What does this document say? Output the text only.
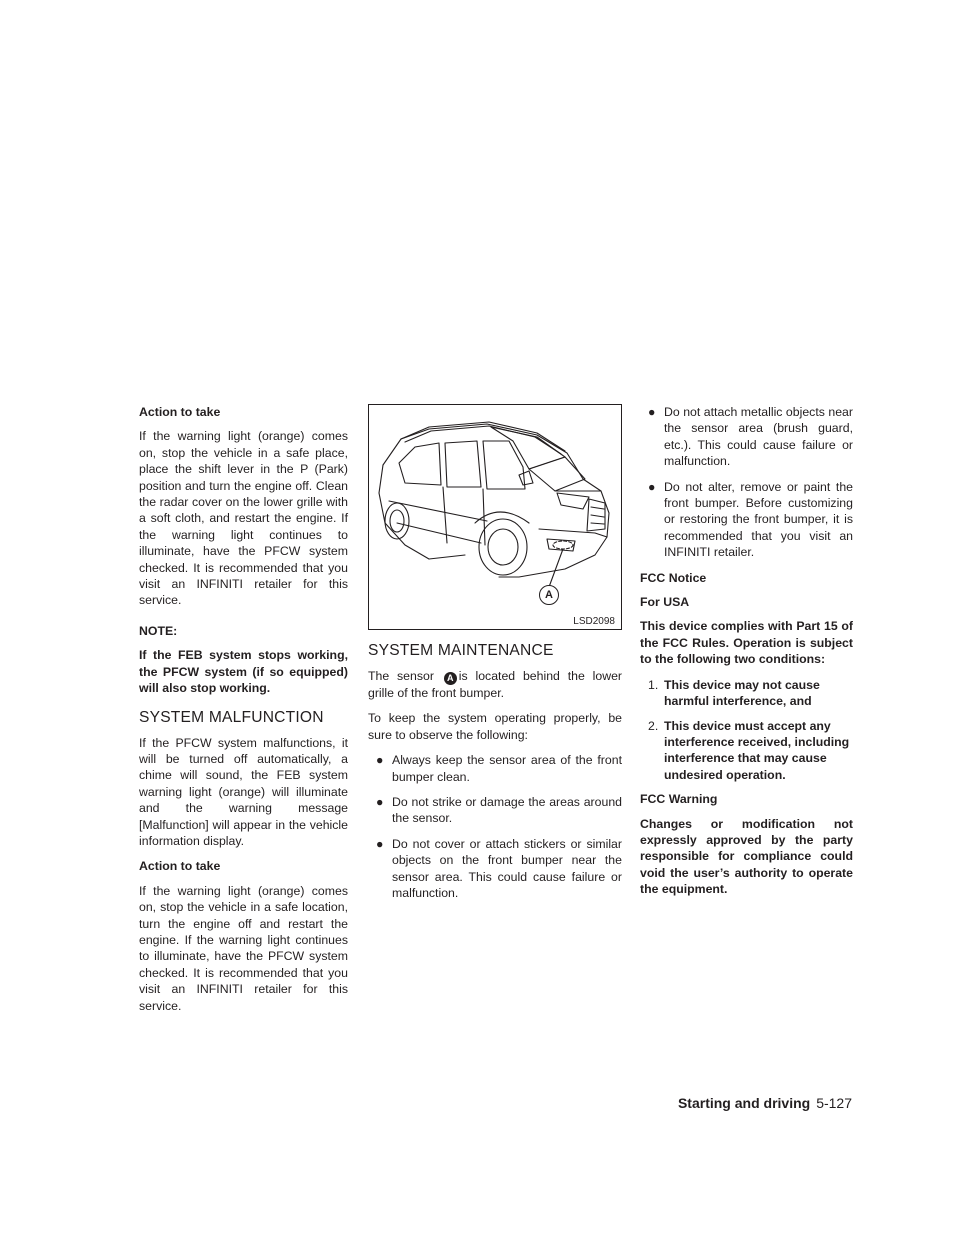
Action to take

If the warning light (orange) comes on, stop the vehicle in a safe place, place the shift lever in the P (Park) position and turn the engine off. Clean the radar cover on the lower grille with a soft cloth, and restart the engine. If the warning light continues to illuminate, have the PFCW system checked. It is recommended that you visit an INFINITI retailer for this service.

NOTE:

If the FEB system stops working, the PFCW system (if so equipped) will also stop working.

SYSTEM MALFUNCTION

If the PFCW system malfunctions, it will be turned off automatically, a chime will sound, the FEB system warning light (orange) will illuminate and the warning message [Malfunction] will appear in the vehicle information display.

Action to take

If the warning light (orange) comes on, stop the vehicle in a safe location, turn the engine off and restart the engine. If the warning light continues to illuminate, have the PFCW system checked. It is recommended that you visit an INFINITI retailer for this service.

A
LSD2098
SYSTEM MAINTENANCE

The sensor A is located behind the lower grille of the front bumper.

To keep the system operating properly, be sure to observe the following:

● Always keep the sensor area of the front bumper clean.
● Do not strike or damage the areas around the sensor.
● Do not cover or attach stickers or similar objects on the front bumper near the sensor area. This could cause failure or malfunction.
● Do not attach metallic objects near the sensor area (brush guard, etc.). This could cause failure or malfunction.
● Do not alter, remove or paint the front bumper. Before customizing or restoring the front bumper, it is recommended that you visit an INFINITI retailer.

FCC Notice

For USA

This device complies with Part 15 of the FCC Rules. Operation is subject to the following two conditions:

1. This device may not cause harmful interference, and
2. This device must accept any interference received, including interference that may cause undesired operation.

FCC Warning

Changes or modification not expressly approved by the party responsible for compliance could void the user’s authority to operate the equipment.

Starting and driving 5-127
